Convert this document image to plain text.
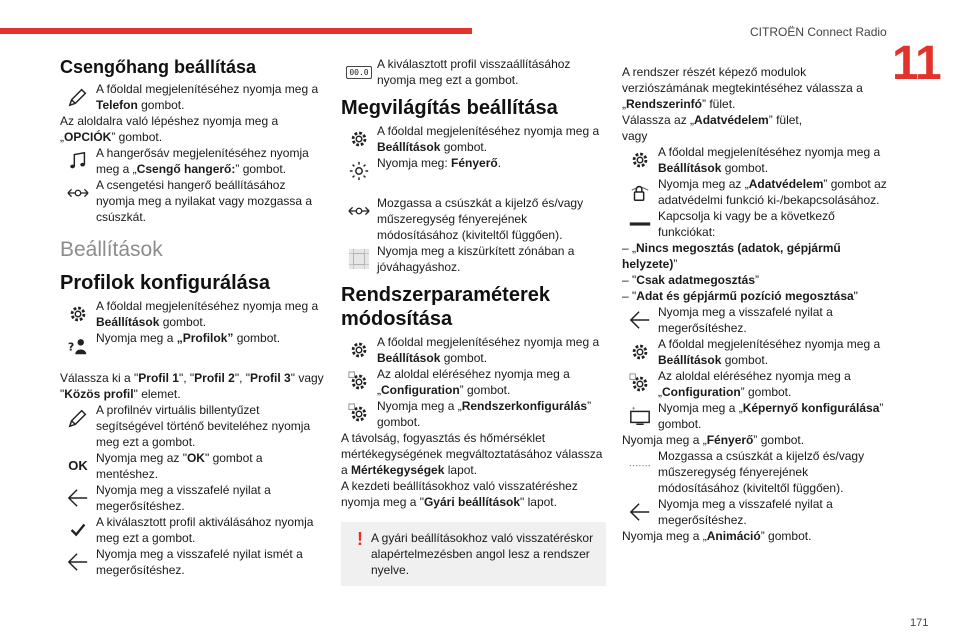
CITROËN Connect Radio
11
171
Csengőhang beállítása
A főoldal megjelenítéséhez nyomja meg a Telefon gombot.

Az aloldalra való lépéshez nyomja meg a „OPCIÓK” gombot.

A hangerősáv megjelenítéséhez nyomja meg a „Csengő hangerő:” gombot.
A csengetési hangerő beállításához nyomja meg a nyilakat vagy mozgassa a csúszkát.
Beállítások
Profilok konfigurálása
A főoldal megjelenítéséhez nyomja meg a Beállítások gombot.
?
Nyomja meg a „Profilok” gombot.

Válassza ki a "Profil 1", "Profil 2", "Profil 3" vagy "Közös profil" elemet.

A profilnév virtuális billentyűzet segítségével történő beviteléhez nyomja meg ezt a gombot.
OK Nyomja meg az "OK" gombot a mentéshez.
Nyomja meg a visszafelé nyilat a megerősítéshez.
A kiválasztott profil aktiválásához nyomja meg ezt a gombot.
Nyomja meg a visszafelé nyilat ismét a megerősítéshez.
00.0
A kiválasztott profil visszaállításához nyomja meg ezt a gombot.
Megvilágítás beállítása
A főoldal megjelenítéséhez nyomja meg a Beállítások gombot.
Nyomja meg: Fényerő.
Mozgassa a csúszkát a kijelző és/vagy műszeregység fényerejének módosításához (kiviteltől függően).
Nyomja meg a kiszürkített zónában a jóváhagyáshoz.
Rendszerparaméterek módosítása
A főoldal megjelenítéséhez nyomja meg a Beállítások gombot.
Az aloldal eléréséhez nyomja meg a „Configuration” gombot.
Nyomja meg a „Rendszerkonfigurálás” gombot.

A távolság, fogyasztás és hőmérséklet mértékegységének megváltoztatásához válassza a Mértékegységek lapot.

A kezdeti beállításokhoz való visszatéréshez nyomja meg a "Gyári beállítások" lapot.

! A gyári beállításokhoz való visszatéréskor alapértelmezésben angol lesz a rendszer nyelve.

A rendszer részét képező modulok verziószámának megtekintéséhez válassza a „Rendszerinfó” fület.

Válassza az „Adatvédelem” fület,

vagy

A főoldal megjelenítéséhez nyomja meg a Beállítások gombot.
Nyomja meg az „Adatvédelem” gombot az adatvédelmi funkció ki-/bekapcsolásához.
Kapcsolja ki vagy be a következő funkciókat:

– „Nincs megosztás (adatok, gépjármű helyzete)”

– "Csak adatmegosztás”

– "Adat és gépjármű pozíció megosztása"

Nyomja meg a visszafelé nyilat a megerősítéshez.
A főoldal megjelenítéséhez nyomja meg a Beállítások gombot.
Az aloldal eléréséhez nyomja meg a „Configuration” gombot.
Nyomja meg a „Képernyő konfigurálása” gombot.

Nyomja meg a „Fényerő” gombot.

Mozgassa a csúszkát a kijelző és/vagy műszeregység fényerejének módosításához (kiviteltől függően).
Nyomja meg a visszafelé nyilat a megerősítéshez.

Nyomja meg a „Animáció” gombot.
